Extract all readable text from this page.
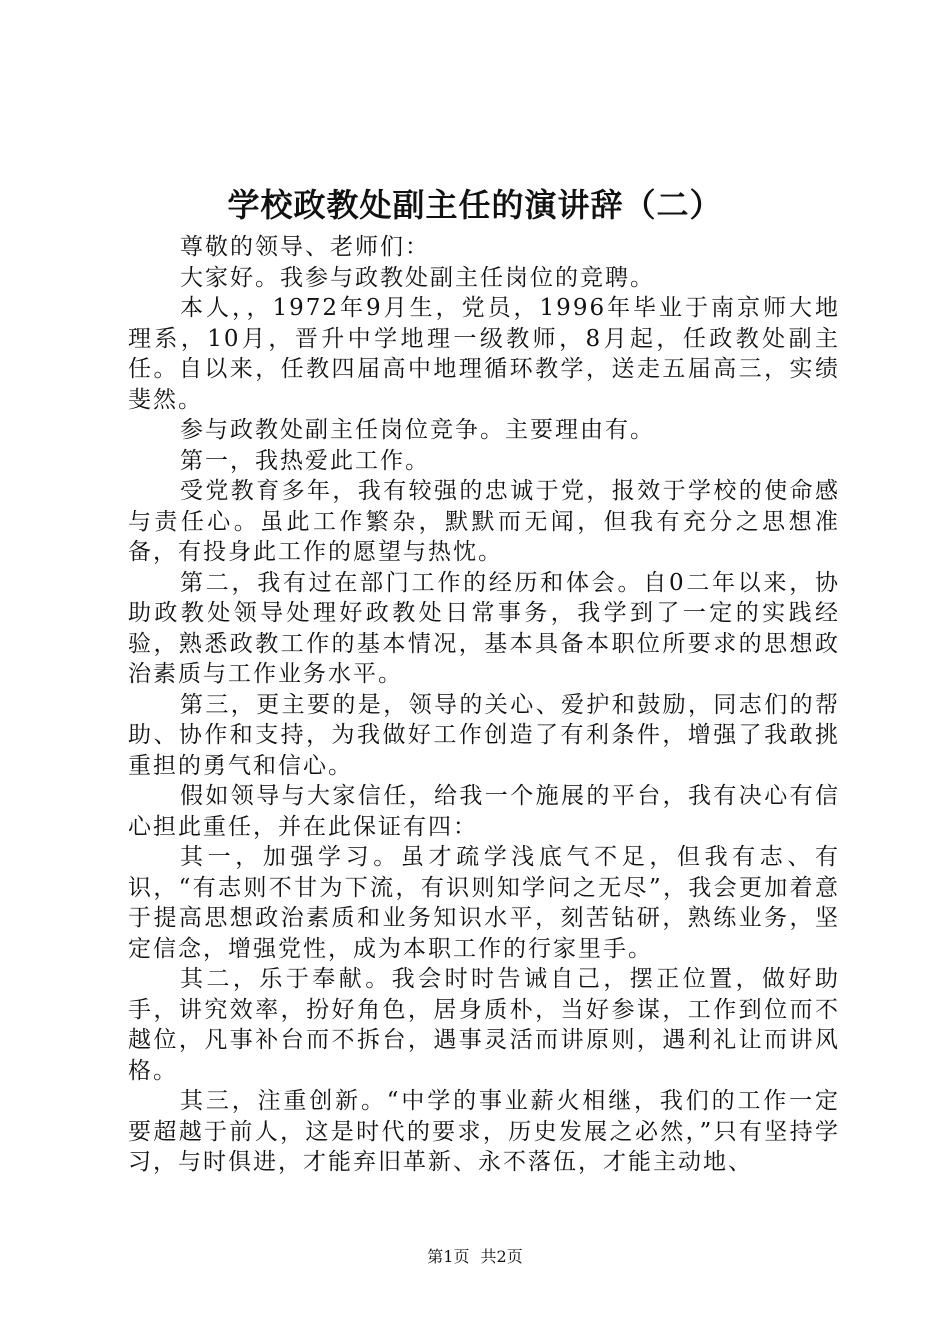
学校政教处副主任的演讲辞（二）

尊敬的领导、老师们：

大家好。我参与政教处副主任岗位的竞聘。

本人，，1972年9月生，党员，1996年毕业于南京师大地理系，10月，晋升中学地理一级教师，8月起，任政教处副主任。自以来，任教四届高中地理循环教学，送走五届高三，实绩斐然。

参与政教处副主任岗位竞争。主要理由有。

第一，我热爱此工作。

受党教育多年，我有较强的忠诚于党，报效于学校的使命感与责任心。虽此工作繁杂，默默而无闻，但我有充分之思想准备，有投身此工作的愿望与热忱。

第二，我有过在部门工作的经历和体会。自0二年以来，协助政教处领导处理好政教处日常事务，我学到了一定的实践经验，熟悉政教工作的基本情况，基本具备本职位所要求的思想政治素质与工作业务水平。

第三，更主要的是，领导的关心、爱护和鼓励，同志们的帮助、协作和支持，为我做好工作创造了有利条件，增强了我敢挑重担的勇气和信心。

假如领导与大家信任，给我一个施展的平台，我有决心有信心担此重任，并在此保证有四：

其一，加强学习。虽才疏学浅底气不足，但我有志、有识，“有志则不甘为下流，有识则知学问之无尽”，我会更加着意于提高思想政治素质和业务知识水平，刻苦钻研，熟练业务，坚定信念，增强党性，成为本职工作的行家里手。

其二，乐于奉献。我会时时告诫自己，摆正位置，做好助手，讲究效率，扮好角色，居身质朴，当好参谋，工作到位而不越位，凡事补台而不拆台，遇事灵活而讲原则，遇利礼让而讲风格。

其三，注重创新。“中学的事业薪火相继，我们的工作一定要超越于前人，这是时代的要求，历史发展之必然，”只有坚持学习，与时俱进，才能弃旧革新、永不落伍，才能主动地、

第1页 共2页
